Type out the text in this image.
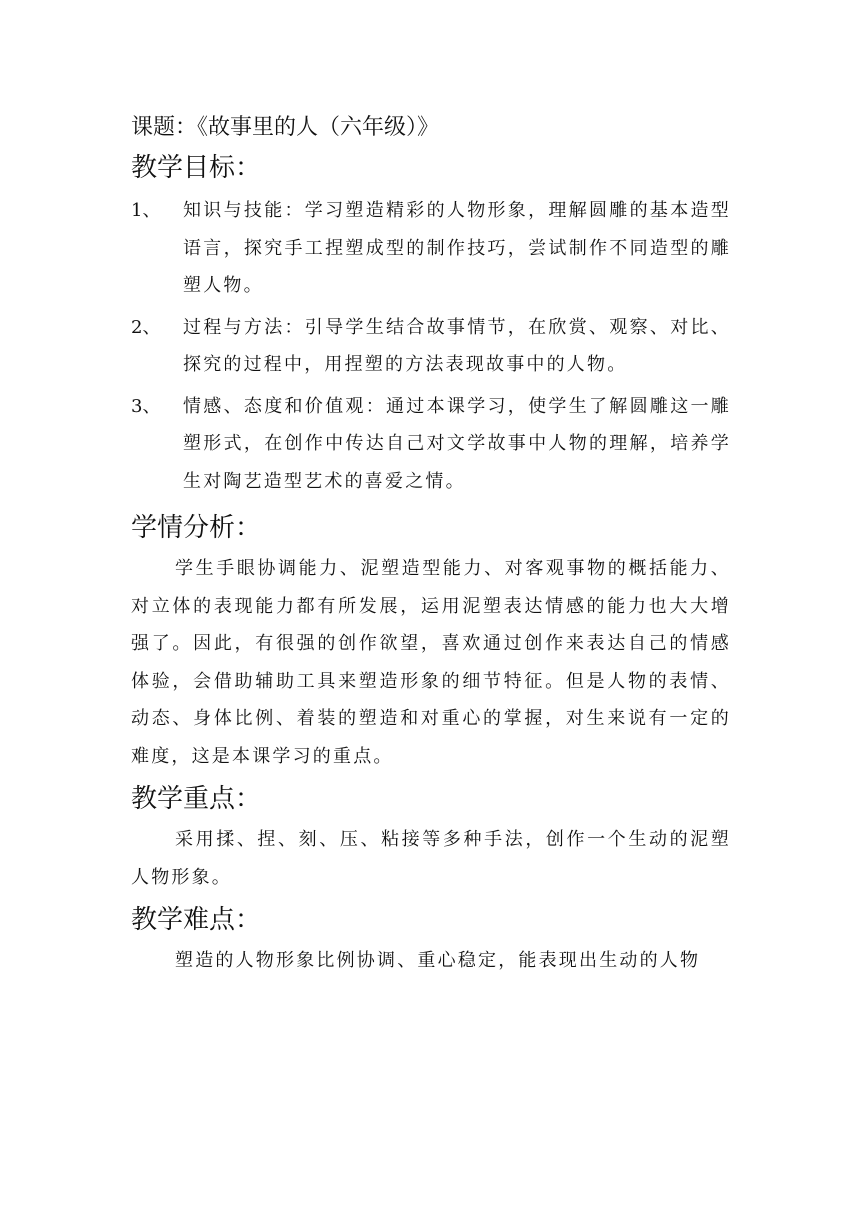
课题：《故事里的人（六年级）》
教学目标：
1、	知识与技能：学习塑造精彩的人物形象，理解圆雕的基本造型语言，探究手工捏塑成型的制作技巧，尝试制作不同造型的雕塑人物。
2、	过程与方法：引导学生结合故事情节，在欣赏、观察、对比、探究的过程中，用捏塑的方法表现故事中的人物。
3、	情感、态度和价值观：通过本课学习，使学生了解圆雕这一雕塑形式，在创作中传达自己对文学故事中人物的理解，培养学生对陶艺造型艺术的喜爱之情。
学情分析：
学生手眼协调能力、泥塑造型能力、对客观事物的概括能力、对立体的表现能力都有所发展，运用泥塑表达情感的能力也大大增强了。因此，有很强的创作欲望，喜欢通过创作来表达自己的情感体验，会借助辅助工具来塑造形象的细节特征。但是人物的表情、动态、身体比例、着装的塑造和对重心的掌握，对生来说有一定的难度，这是本课学习的重点。
教学重点：
采用揉、捏、刻、压、粘接等多种手法，创作一个生动的泥塑人物形象。
教学难点：
塑造的人物形象比例协调、重心稳定，能表现出生动的人物
